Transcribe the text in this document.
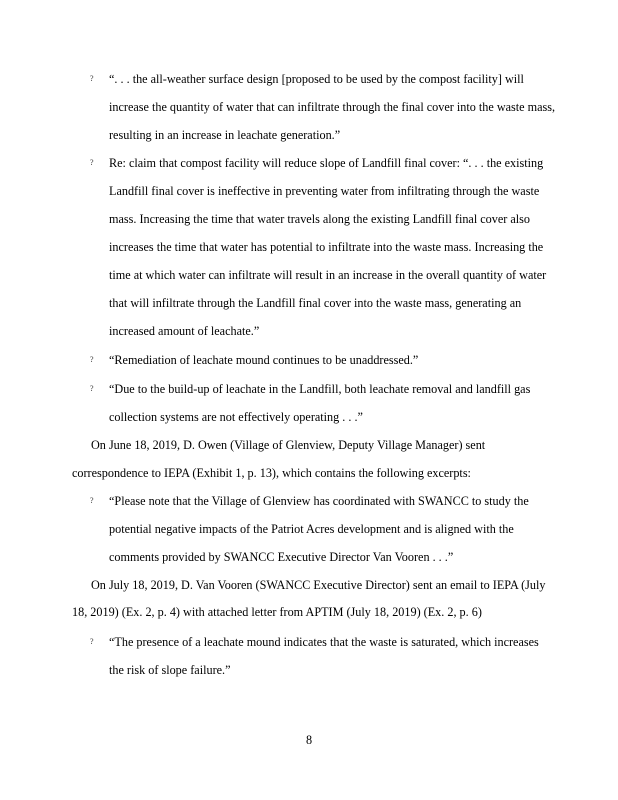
? “. . . the all-weather surface design [proposed to be used by the compost facility] will
increase the quantity of water that can infiltrate through the final cover into the waste mass,
resulting in an increase in leachate generation.”
? Re: claim that compost facility will reduce slope of Landfill final cover: “. . . the existing
Landfill final cover is ineffective in preventing water from infiltrating through the waste
mass. Increasing the time that water travels along the existing Landfill final cover also
increases the time that water has potential to infiltrate into the waste mass. Increasing the
time at which water can infiltrate will result in an increase in the overall quantity of water
that will infiltrate through the Landfill final cover into the waste mass, generating an
increased amount of leachate.”
? “Remediation of leachate mound continues to be unaddressed.”
? “Due to the build-up of leachate in the Landfill, both leachate removal and landfill gas
collection systems are not effectively operating . . .”
On June 18, 2019, D. Owen (Village of Glenview, Deputy Village Manager) sent
correspondence to IEPA (Exhibit 1, p. 13), which contains the following excerpts:
? “Please note that the Village of Glenview has coordinated with SWANCC to study the
potential negative impacts of the Patriot Acres development and is aligned with the
comments provided by SWANCC Executive Director Van Vooren . . .”
On July 18, 2019, D. Van Vooren (SWANCC Executive Director) sent an email to IEPA (July
18, 2019) (Ex. 2, p. 4) with attached letter from APTIM (July 18, 2019) (Ex. 2, p. 6)
? “The presence of a leachate mound indicates that the waste is saturated, which increases
the risk of slope failure.”
8
